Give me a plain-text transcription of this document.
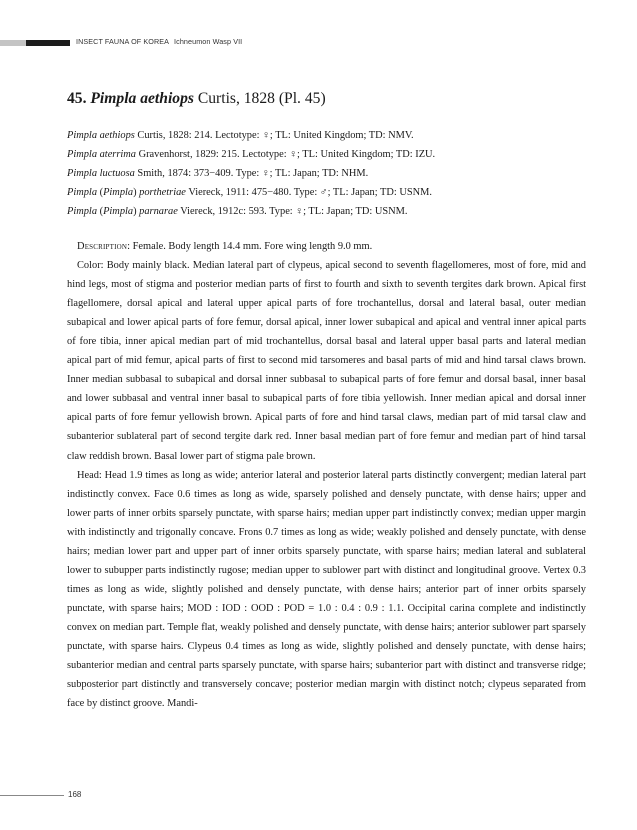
INSECT FAUNA OF KOREA Ichneumon Wasp VII
45. Pimpla aethiops Curtis, 1828 (Pl. 45)
Pimpla aethiops Curtis, 1828: 214. Lectotype: ♀; TL: United Kingdom; TD: NMV.
Pimpla aterrima Gravenhorst, 1829: 215. Lectotype: ♀; TL: United Kingdom; TD: IZU.
Pimpla luctuosa Smith, 1874: 373−409. Type: ♀; TL: Japan; TD: NHM.
Pimpla (Pimpla) porthetriae Viereck, 1911: 475−480. Type: ♂; TL: Japan; TD: USNM.
Pimpla (Pimpla) parnarae Viereck, 1912c: 593. Type: ♀; TL: Japan; TD: USNM.

Description: Female. Body length 14.4 mm. Fore wing length 9.0 mm.

Color: Body mainly black. Median lateral part of clypeus, apical second to seventh flagellomeres, most of fore, mid and hind legs, most of stigma and posterior median parts of first to fourth and sixth to seventh tergites dark brown. Apical first flagellomere, dorsal apical and lateral upper apical parts of fore trochantellus, dorsal and lateral basal, outer median subapical and lower apical parts of fore femur, dorsal apical, inner lower subapical and apical and ventral inner apical parts of fore tibia, inner apical median part of mid trochantellus, dorsal basal and lateral upper basal parts and lateral median apical part of mid femur, apical parts of first to second mid tarsomeres and basal parts of mid and hind tarsal claws brown. Inner median subbasal to subapical and dorsal inner subbasal to subapical parts of fore femur and dorsal basal, inner basal and lower subbasal and ventral inner basal to subapical parts of fore tibia yellowish. Inner median apical and dorsal inner apical parts of fore femur yellowish brown. Apical parts of fore and hind tarsal claws, median part of mid tarsal claw and subanterior sublateral part of second tergite dark red. Inner basal median part of fore femur and median part of hind tarsal claw reddish brown. Basal lower part of stigma pale brown.

Head: Head 1.9 times as long as wide; anterior lateral and posterior lateral parts distinctly convergent; median lateral part indistinctly convex. Face 0.6 times as long as wide, sparsely polished and densely punctate, with dense hairs; upper and lower parts of inner orbits sparsely punctate, with sparse hairs; median upper part indistinctly convex; median upper margin with indistinctly and trigonally concave. Frons 0.7 times as long as wide; weakly polished and densely punctate, with dense hairs; median lower part and upper part of inner orbits sparsely punctate, with sparse hairs; median lateral and sublateral lower to subupper parts indistinctly rugose; median upper to sublower part with distinct and longitudinal groove. Vertex 0.3 times as long as wide, slightly polished and densely punctate, with dense hairs; anterior part of inner orbits sparsely punctate, with sparse hairs; MOD : IOD : OOD : POD = 1.0 : 0.4 : 0.9 : 1.1. Occipital carina complete and indistinctly convex on median part. Temple flat, weakly polished and densely punctate, with dense hairs; anterior sublower part sparsely punctate, with sparse hairs. Clypeus 0.4 times as long as wide, slightly polished and densely punctate, with dense hairs; subanterior median and central parts sparsely punctate, with sparse hairs; subanterior part with distinct and transverse ridge; subposterior part distinctly and transversely concave; posterior median margin with distinct notch; clypeus separated from face by distinct groove. Mandi-

168
